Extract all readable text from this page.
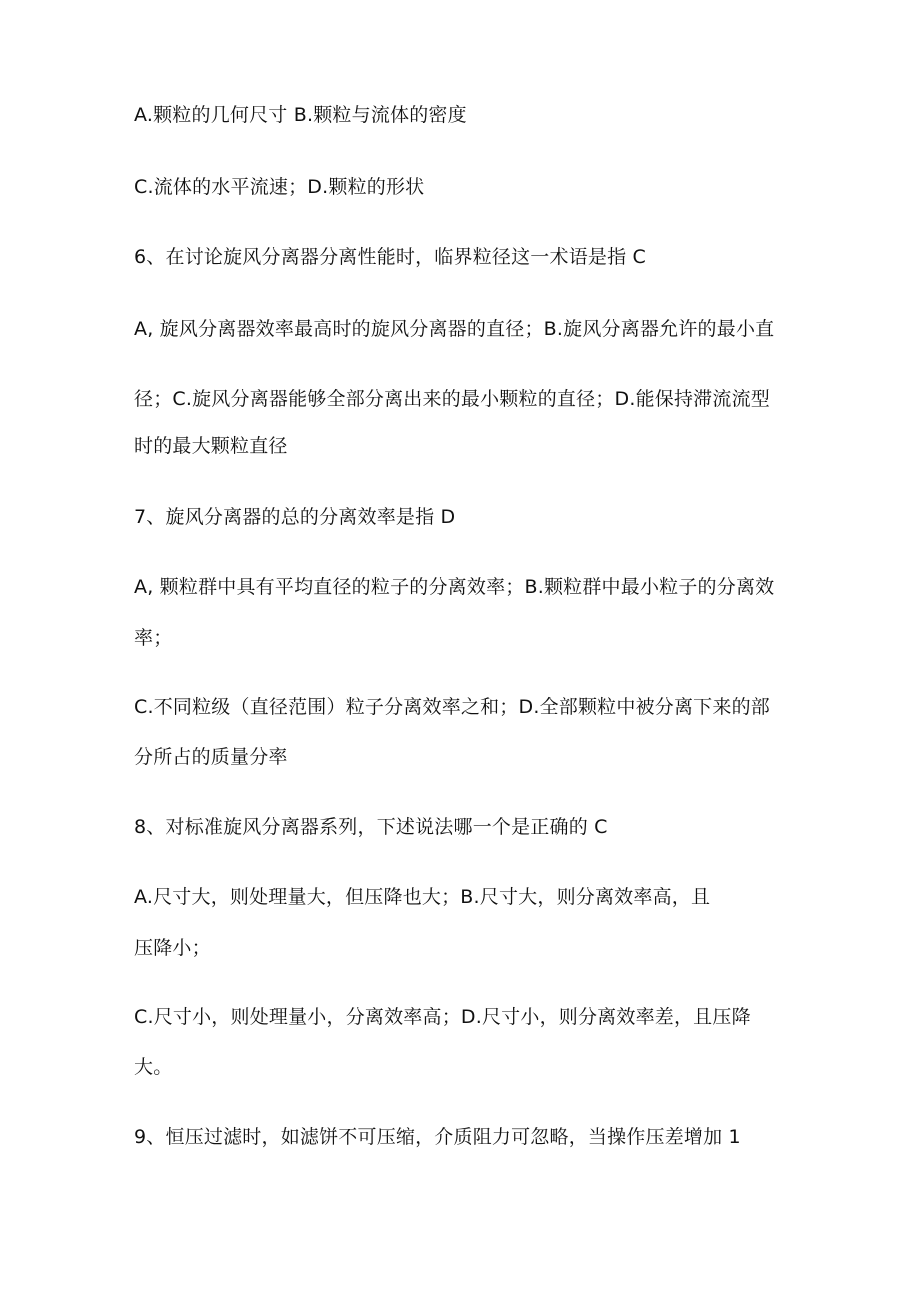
A.颗粒的几何尺寸 B.颗粒与流体的密度
C.流体的水平流速；D.颗粒的形状
6、在讨论旋风分离器分离性能时，临界粒径这一术语是指 C
A, 旋风分离器效率最高时的旋风分离器的直径；B.旋风分离器允许的最小直
径；C.旋风分离器能够全部分离出来的最小颗粒的直径；D.能保持滞流流型
时的最大颗粒直径
7、旋风分离器的总的分离效率是指 D
A, 颗粒群中具有平均直径的粒子的分离效率；B.颗粒群中最小粒子的分离效
率；
C.不同粒级（直径范围）粒子分离效率之和；D.全部颗粒中被分离下来的部
分所占的质量分率
8、对标准旋风分离器系列，下述说法哪一个是正确的 C
A.尺寸大，则处理量大，但压降也大；B.尺寸大，则分离效率高，且
压降小；
C.尺寸小，则处理量小，分离效率高；D.尺寸小，则分离效率差，且压降
大。
9、恒压过滤时，如滤饼不可压缩，介质阻力可忽略，当操作压差增加 1
